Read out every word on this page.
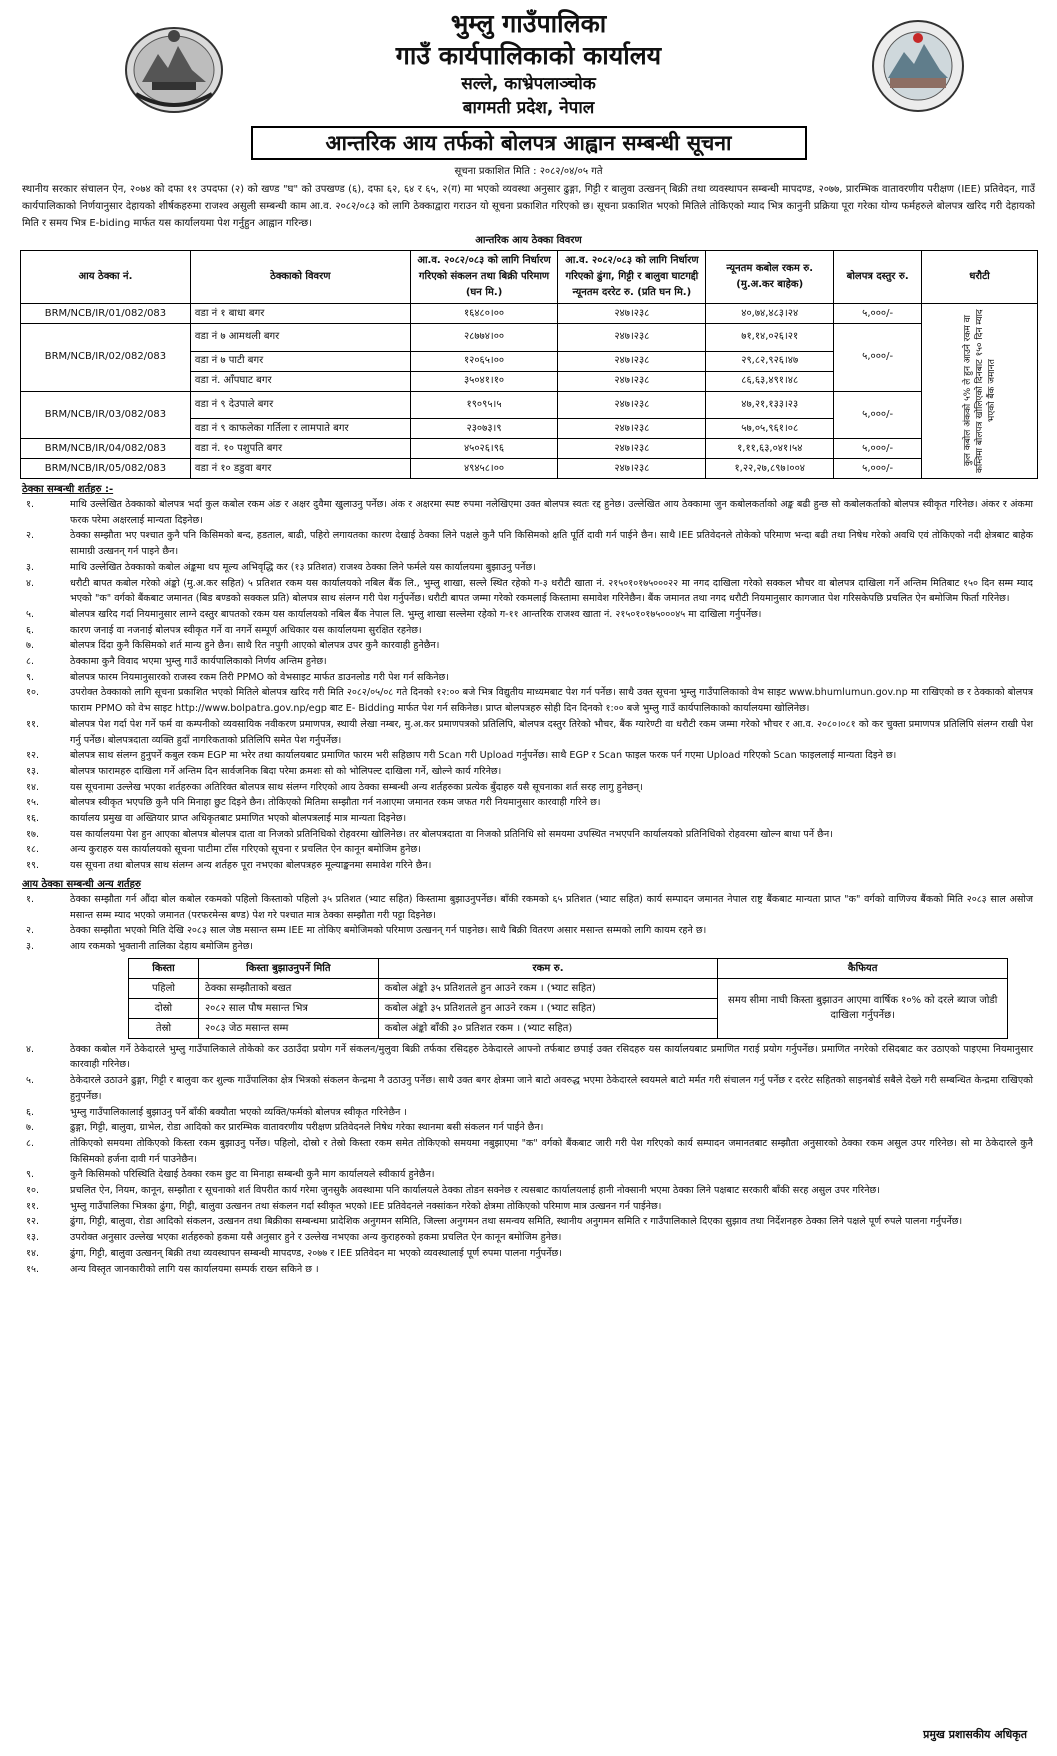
भुम्लु गाउँपालिका
गाउँ कार्यपालिकाको कार्यालय
सल्ले, काभ्रेपलाञ्चोक
बागमती प्रदेश, नेपाल
आन्तरिक आय तर्फको बोलपत्र आह्वान सम्बन्धी सूचना
सूचना प्रकाशित मिति : २०८२/०४/०५ गते
स्थानीय सरकार संचालन ऐन, २०७४ को दफा ११ उपदफा (२) को खण्ड "घ" को उपखण्ड (६), दफा ६२, ६४ र ६५, २(ग) मा भएको व्यवस्था अनुसार ढुङ्गा, गिट्टी र बालुवा उत्खनन् बिक्री तथा व्यवस्थापन सम्बन्धी मापदण्ड, २०७७, प्रारम्भिक वातावरणीय परीक्षण (IEE) प्रतिवेदन, गाउँ कार्यपालिकाको निर्णयानुसार देहायको शीर्षकहरुमा राजश्व असुली सम्बन्धी काम आ.व. २०८२/०८३ को लागि ठेक्काद्वारा गराउन यो सूचना प्रकाशित गरिएको छ। सूचना प्रकाशित भएको मितिले तोकिएको म्याद भित्र कानुनी प्रक्रिया पूरा गरेका योग्य फर्महरुले बोलपत्र खरिद गरी देहायको मिति र समय भित्र E-biding मार्फत यस कार्यालयमा पेश गर्नुहुन आह्वान गरिन्छ।
आन्तरिक आय ठेक्का विवरण
आय ठेक्का नं.	ठेक्काको विवरण	आ.व. २०८२/०८३ को लागि निर्धारण गरिएको संकलन तथा बिक्री परिमाण (घन मि.)	आ.व. २०८२/०८३ को लागि निर्धारण गरिएको ढुंगा, गिट्टी र बालुवा घाटगद्दी न्यूनतम दररेट रु. (प्रति घन मि.)	न्यूनतम कबोल रकम रु. (मु.अ.कर बाहेक)	बोलपत्र दस्तुर रु.	धरौटी
BRM/NCB/IR/01/082/083	वडा नं १ बाधा बगर	१६४८०।००	२४७।२३८	४०,७४,४८३।२४	५,०००/-	कुल कबोल अंकको ५% ले हुन आउने रकम वा कम्तिमा बोलपत्र खोलिएको दिनबाट १५० दिन म्याद भएको बैंक जमानत

BRM/NCB/IR/02/082/083	वडा नं ७ आमथली बगर	२८७७४।००	२४७।२३८	७१,१४,०२६।२१	५,०००/-	
	वडा नं ७ पाटी बगर	१२०६५।००	२४७।२३८	२९,८२,९२६।४७		
	वडा नं. आँपघाट बगर	३५०४१।१०	२४७।२३८	८६,६३,४९१।४८		
BRM/NCB/IR/03/082/083	वडा नं ९ देउपाले बगर	१९०९५।५	२४७।२३८	४७,२१,१३३।२३	५,०००/-	
	वडा नं ९ काफलेका गर्तिला र लामपाते बगर	२३०७३।९	२४७।२३८	५७,०५,९६१।०८		
BRM/NCB/IR/04/082/083	वडा नं. १० पशुपति बगर	४५०२६।९६	२४७।२३८	१,११,६३,०४१।५४	५,०००/-	
BRM/NCB/IR/05/082/083	वडा नं १० डडुवा बगर	४९४५८।००	२४७।२३८	१,२२,२७,८९७।००४	५,०००/-	
ठेक्का सम्बन्धी शर्तहरु :-
१.	माथि उल्लेखित ठेक्काको बोलपत्र भर्दा कुल कबोल रकम अंङ र अक्षर दुवैमा खुलाउनु पर्नेछ। अंक र अक्षरमा स्पष्ट रुपमा नलेखिएमा उक्त बोलपत्र स्वतः रद्द हुनेछ। उल्लेखित आय ठेक्कामा जुन कबोलकर्ताको अङ्क बढी हुन्छ सो कबोलकर्ताको बोलपत्र स्वीकृत गरिनेछ। अंकर र अंकमा फरक परेमा अक्षरलाई मान्यता दिइनेछ।
२.	ठेक्का सम्झौता भए पश्चात कुनै पनि किसिमको बन्द, हडताल, बाढी, पहिरो लगायतका कारण देखाई ठेक्का लिने पक्षले कुनै पनि किसिमको क्षति पूर्ति दावी गर्न पाईने छैन। साथै IEE प्रतिवेदनले तोकेको परिमाण भन्दा बढी तथा निषेध गरेको अवधि एवं तोकिएको नदी क्षेत्रबाट बाहेक सामाग्री उत्खनन् गर्न पाइने छैन।
३.	माथि उल्लेखित ठेक्काको कबोल अंङ्कमा थप मूल्य अभिवृद्धि कर (१३ प्रतिशत) राजश्व ठेक्का लिने फर्मले यस कार्यालयमा बुझाउनु पर्नेछ।
४.	धरौटी बापत कबोल गरेको अंङ्को (मु.अ.कर सहित) ५ प्रतिशत रकम यस कार्यालयको नबिल बैंक लि., भुम्लु शाखा, सल्ले स्थित रहेको ग-३ धरौटी खाता नं. २१५०१०१७५०००२२ मा नगद दाखिला गरेको सक्कल भौचर वा बोलपत्र दाखिला गर्ने अन्तिम मितिबाट १५० दिन सम्म म्याद भएको "क" वर्गको बैंकबाट जमानत (बिड बण्डको सक्कल प्रति) बोलपत्र साथ संलग्न गरी पेश गर्नुपर्नेछ। धरौटी बापत जम्मा गरेको रकमलाई किस्तामा समावेश गरिनेछैन। बैंक जमानत तथा नगद धरौटी नियमानुसार कागजात पेश गरिसकेपछि प्रचलित ऐन बमोजिम फिर्ता गरिनेछ।
५.	बोलपत्र खरिद गर्दा नियमानुसार लाग्ने दस्तुर बापतको रकम यस कार्यालयको नबिल बैंक नेपाल लि. भुम्लु शाखा सल्लेमा रहेको ग-११ आन्तरिक राजश्व खाता नं. २१५०१०१७५०००४५ मा दाखिला गर्नुपर्नेछ।
६.	कारण जनाई वा नजनाई बोलपत्र स्वीकृत गर्ने वा नगर्ने सम्पूर्ण अधिकार यस कार्यालयमा सुरक्षित रहनेछ।
७.	बोलपत्र दिंदा कुनै किसिमको शर्त मान्य हुने छैन। साथै रित नपुगी आएको बोलपत्र उपर कुनै कारवाही हुनेछैन।
८.	ठेक्कामा कुनै विवाद भएमा भुम्लु गाउँ कार्यपालिकाको निर्णय अन्तिम हुनेछ।
९.	बोलपत्र फारम नियमानुसारको राजस्व रकम तिरी PPMO को वेभसाइट मार्फत डाउनलोड गरी पेश गर्न सकिनेछ।
१०.	उपरोक्त ठेक्काको लागि सूचना प्रकाशित भएको मितिले बोलपत्र खरिद गरी मिति २०८२/०५/०८ गते दिनको १२:०० बजे भित्र विद्युतीय माध्यमबाट पेश गर्न पर्नेछ। साथै उक्त सूचना भुम्लु गाउँपालिकाको वेभ साइट www.bhumlumun.gov.np मा राखिएको छ र ठेक्काको बोलपत्र फाराम PPMO को वेभ साइट http://www.bolpatra.gov.np/egp बाट E- Bidding मार्फत पेश गर्न सकिनेछ। प्राप्त बोलपत्रहरु सोही दिन दिनको १:०० बजे भुम्लु गाउँ कार्यपालिकाको कार्यालयमा खोलिनेछ।
११.	बोलपत्र पेश गर्दा पेश गर्ने फर्म वा कम्पनीको व्यवसायिक नवीकरण प्रमाणपत्र, स्थायी लेखा नम्बर, मु.अ.कर प्रमाणपत्रको प्रतिलिपि, बोलपत्र दस्तुर तिरेको भौचर, बैंक ग्यारेण्टी वा धरौटी रकम जम्मा गरेको भौचर र आ.व. २०८०।०८१ को कर चुक्ता प्रमाणपत्र प्रतिलिपि संलग्न राखी पेश गर्नु पर्नेछ। बोलपत्रदाता व्यक्ति हुदाँ नागरिकताको प्रतिलिपि समेत पेश गर्नुपर्नेछ।
१२.	बोलपत्र साथ संलग्न हुनुपर्ने कबुल रकम EGP मा भरेर तथा कार्यालयबाट प्रमाणित फारम भरी सहिछाप गरी Scan गरी Upload गर्नुपर्नेछ। साथै EGP र Scan फाइल फरक पर्न गएमा Upload गरिएको Scan फाइललाई मान्यता दिइने छ।
१३.	बोलपत्र फारामहरु दाखिला गर्ने अन्तिम दिन सार्वजनिक बिदा परेमा क्रमशः सो को भोलिपल्ट दाखिला गर्ने, खोल्ने कार्य गरिनेछ।
१४.	यस सूचनामा उल्लेख भएका शर्तहरुका अतिरिक्त बोलपत्र साथ संलग्न गरिएको आय ठेक्का सम्बन्धी अन्य शर्तहरुका प्रत्येक बुँदाहरु यसै सूचनाका शर्त सरह लागु हुनेछन्।
१५.	बोलपत्र स्वीकृत भएपछि कुनै पनि मिनाहा छुट दिइने छैन। तोकिएको मितिमा सम्झौता गर्न नआएमा जमानत रकम जफत गरी नियमानुसार कारवाही गरिने छ।
१६.	कार्यालय प्रमुख वा अख्तियार प्राप्त अधिकृतबाट प्रमाणित भएको बोलपत्रलाई मात्र मान्यता दिइनेछ।
१७.	यस कार्यालयमा पेश हुन आएका बोलपत्र बोलपत्र दाता वा निजको प्रतिनिधिको रोहवरमा खोलिनेछ। तर बोलपत्रदाता वा निजको प्रतिनिधि सो समयमा उपस्थित नभएपनि कार्यालयको प्रतिनिधिको रोहवरमा खोल्न बाधा पर्ने छैन।
१८.	अन्य कुराहरु यस कार्यालयको सूचना पाटीमा टाँस गरिएको सूचना र प्रचलित ऐन कानून बमोजिम हुनेछ।
१९.	यस सूचना तथा बोलपत्र साथ संलग्न अन्य शर्तहरु पूरा नभएका बोलपत्रहरु मूल्याङ्कनमा समावेश गरिने छैन।
आय ठेक्का सम्बन्धी अन्य शर्तहरु
१.	ठेक्का सम्झौता गर्न औंदा बोल कबोल रकमको पहिलो किस्ताको पहिलो ३५ प्रतिशत (भ्याट सहित) किस्तामा बुझाउनुपर्नेछ। बाँकी रकमको ६५ प्रतिशत (भ्याट सहित) कार्य सम्पादन जमानत नेपाल राष्ट्र बैंकबाट मान्यता प्राप्त "क" वर्गको वाणिज्य बैंकको मिति २०८३ साल असोज मसान्त सम्म म्याद भएको जमानत (परफरमेन्स बण्ड) पेश गरे पश्चात मात्र ठेक्का सम्झौता गरी पट्टा दिइनेछ।
२.	ठेक्का सम्झौता भएको मिति देखि २०८३ साल जेष्ठ मसान्त सम्म IEE मा तोकिए बमोजिमको परिमाण उत्खनन् गर्न पाइनेछ। साथै बिक्री वितरण असार मसान्त सम्मको लागि कायम रहने छ।
३.	आय रकमको भुक्तानी तालिका देहाय बमोजिम हुनेछ।
किस्ता	किस्ता बुझाउनुपर्ने मिति	रकम रु.	कैफियत
पहिलो	ठेक्का सम्झौताको बखत	कबोल अंङ्को ३५ प्रतिशतले हुन आउने रकम । (भ्याट सहित)	समय सीमा नाघी किस्ता बुझाउन आएमा वार्षिक १०% को दरले ब्याज जोडी दाखिला गर्नुपर्नेछ।
दोस्रो	२०८२ साल पौष मसान्त भित्र	कबोल अंङ्को ३५ प्रतिशतले हुन आउने रकम । (भ्याट सहित)	
तेस्रो	२०८३ जेठ मसान्त सम्म	कबोल अंङ्को बाँकी ३० प्रतिशत रकम । (भ्याट सहित)	
४.	ठेक्का कबोल गर्ने ठेकेदारले भुम्लु गाउँपालिकाले तोकेको कर उठाउँदा प्रयोग गर्ने संकलन/मुलुवा बिक्री तर्फका रसिदहरु ठेकेदारले आफ्नो तर्फबाट छपाई उक्त रसिदहरु यस कार्यालयबाट प्रमाणित गराई प्रयोग गर्नुपर्नेछ। प्रमाणित नगरेको रसिदबाट कर उठाएको पाइएमा नियमानुसार कारवाही गरिनेछ।
५.	ठेकेदारले उठाउने ढुङ्गा, गिट्टी र बालुवा कर शुल्क गाउँपालिका क्षेत्र भित्रको संकलन केन्द्रमा नै उठाउनु पर्नेछ। साथै उक्त बगर क्षेत्रमा जाने बाटो अवरुद्ध भएमा ठेकेदारले स्वयमले बाटो मर्मत गरी संचालन गर्नु पर्नेछ र दररेट सहितको साइनबोर्ड सबैले देख्ने गरी सम्बन्धित केन्द्रमा राखिएको हुनुपर्नेछ।
६.	भुम्लु गाउँपालिकालाई बुझाउनु पर्ने बाँकी बक्यौता भएको व्यक्ति/फर्मको बोलपत्र स्वीकृत गरिनेछैन ।
७.	ढुङ्गा, गिट्टी, बालुवा, ग्राभेल, रोडा आदिको कर प्रारम्भिक वातावरणीय परीक्षण प्रतिवेदनले निषेध गरेका स्थानमा बसी संकलन गर्न पाईने छैन।
८.	तोकिएको समयमा तोकिएको किस्ता रकम बुझाउनु पर्नेछ। पहिलो, दोस्रो र तेस्रो किस्ता रकम समेत तोकिएको समयमा नबुझाएमा "क" वर्गको बैंकबाट जारी गरी पेश गरिएको कार्य सम्पादन जमानतबाट सम्झौता अनुसारको ठेक्का रकम असुल उपर गरिनेछ। सो मा ठेकेदारले कुनै किसिमको हर्जना दावी गर्न पाउनेछैन।
९.	कुनै किसिमको परिस्थिति देखाई ठेक्का रकम छुट वा मिनाहा सम्बन्धी कुनै माग कार्यालयले स्वीकार्य हुनेछैन।
१०.	प्रचलित ऐन, नियम, कानून, सम्झौता र सूचनाको शर्त विपरीत कार्य गरेमा जुनसुकै अवस्थामा पनि कार्यालयले ठेक्का तोडन सक्नेछ र त्यसबाट कार्यालयलाई हानी नोक्सानी भएमा ठेक्का लिने पक्षबाट सरकारी बाँकी सरह असुल उपर गरिनेछ।
११.	भुम्लु गाउँपालिका भित्रका ढुंगा, गिट्टी, बालुवा उत्खनन तथा संकलन गर्दा स्वीकृत भएको IEE प्रतिवेदनले नक्सांकन गरेको क्षेत्रमा तोकिएको परिमाण मात्र उत्खनन गर्न पाईनेछ।
१२.	ढुंगा, गिट्टी, बालुवा, रोडा आदिको संकलन, उत्खनन तथा बिक्रीका सम्बन्धमा प्रादेशिक अनुगमन समिति, जिल्ला अनुगमन तथा समन्वय समिति, स्थानीय अनुगमन समिति र गाउँपालिकाले दिएका सुझाव तथा निर्देशनहरु ठेक्का लिने पक्षले पूर्ण रुपले पालना गर्नुपर्नेछ।
१३.	उपरोक्त अनुसार उल्लेख भएका शर्तहरुको हकमा यसै अनुसार हुने र उल्लेख नभएका अन्य कुराहरुको हकमा प्रचलित ऐन कानून बमोजिम हुनेछ।
१४.	ढुंगा, गिट्टी, बालुवा उत्खनन् बिक्री तथा व्यवस्थापन सम्बन्धी मापदण्ड, २०७७ र IEE प्रतिवेदन मा भएको व्यवस्थालाई पूर्ण रुपमा पालना गर्नुपर्नेछ।
१५.	अन्य विस्तृत जानकारीको लागि यस कार्यालयमा सम्पर्क राख्न सकिने छ ।
प्रमुख प्रशासकीय अधिकृत
